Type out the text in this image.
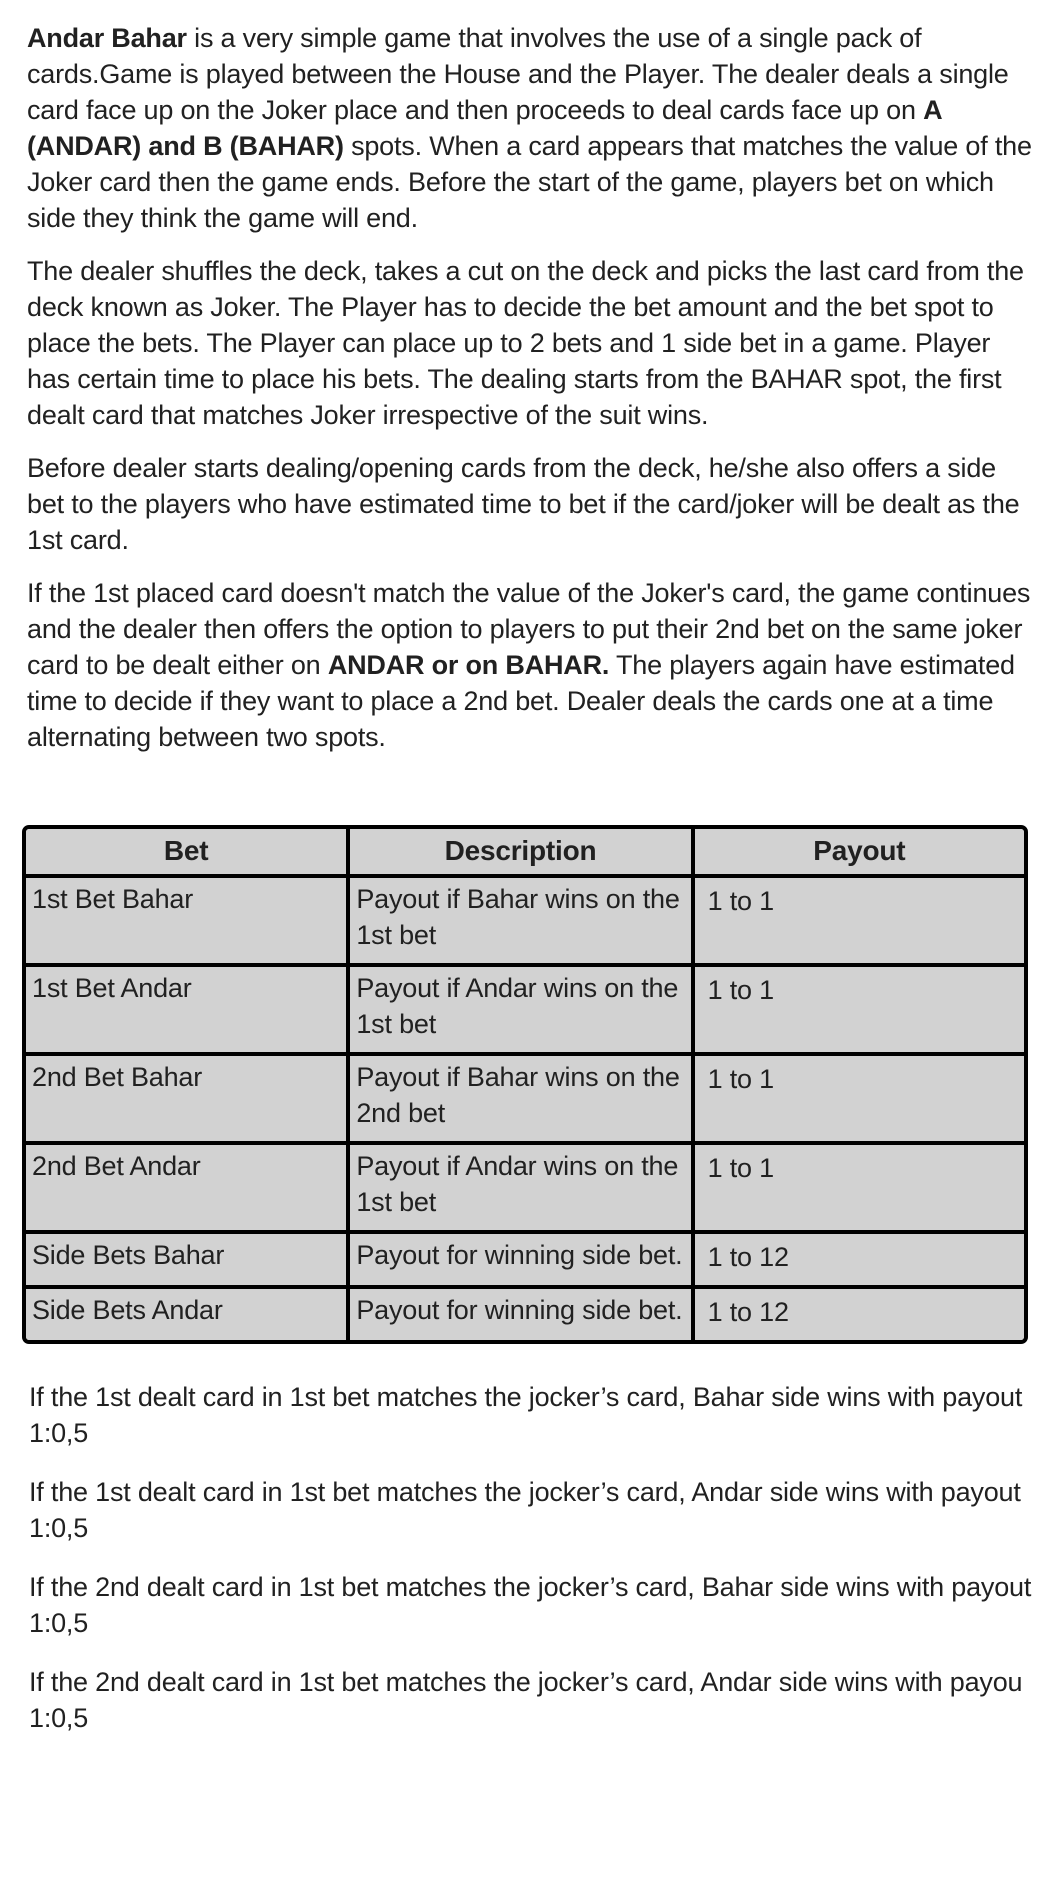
Andar Bahar is a very simple game that involves the use of a single pack of cards.Game is played between the House and the Player. The dealer deals a single card face up on the Joker place and then proceeds to deal cards face up on A (ANDAR) and B (BAHAR) spots. When a card appears that matches the value of the Joker card then the game ends. Before the start of the game, players bet on which side they think the game will end.

The dealer shuffles the deck, takes a cut on the deck and picks the last card from the deck known as Joker. The Player has to decide the bet amount and the bet spot to place the bets. The Player can place up to 2 bets and 1 side bet in a game. Player has certain time to place his bets. The dealing starts from the BAHAR spot, the first dealt card that matches Joker irrespective of the suit wins.

Before dealer starts dealing/opening cards from the deck, he/she also offers a side bet to the players who have estimated time to bet if the card/joker will be dealt as the 1st card.

If the 1st placed card doesn't match the value of the Joker's card, the game continues and the dealer then offers the option to players to put their 2nd bet on the same joker card to be dealt either on ANDAR or on BAHAR. The players again have estimated time to decide if they want to place a 2nd bet. Dealer deals the cards one at a time alternating between two spots.

Bet	Description	Payout
1st Bet Bahar	Payout if Bahar wins on the 1st bet	1 to 1
1st Bet Andar	Payout if Andar wins on the 1st bet	1 to 1
2nd Bet Bahar	Payout if Bahar wins on the 2nd bet	1 to 1
2nd Bet Andar	Payout if Andar wins on the 1st bet	1 to 1
Side Bets Bahar	Payout for winning side bet.	1 to 12
Side Bets Andar	Payout for winning side bet.	1 to 12

If the 1st dealt card in 1st bet matches the jocker’s card, Bahar side wins with payout 1:0,5

If the 1st dealt card in 1st bet matches the jocker’s card, Andar side wins with payout 1:0,5

If the 2nd dealt card in 1st bet matches the jocker’s card, Bahar side wins with payout 1:0,5

If the 2nd dealt card in 1st bet matches the jocker’s card, Andar side wins with payou 1:0,5
